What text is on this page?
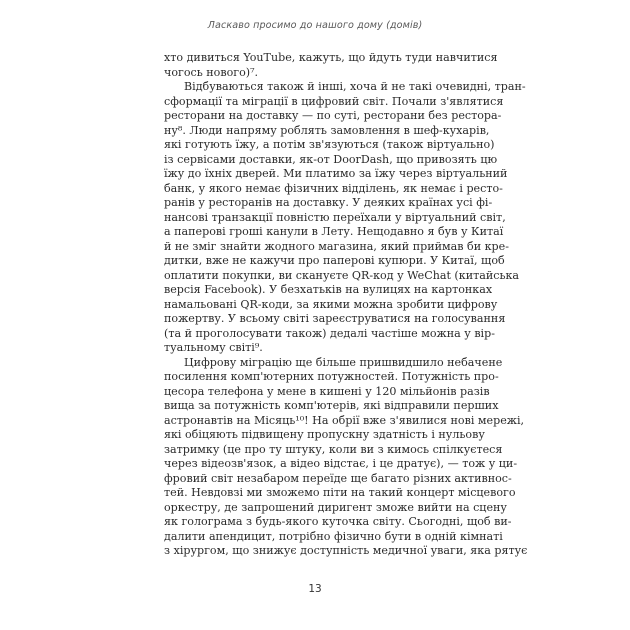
Ласкаво просимо до нашого дому (домів)
хто дивиться YouTube, кажуть, що йдуть туди навчитися
чогось нового)⁷.
Відбуваються також й інші, хоча й не такі очевидні, тран-
сформації та міграції в цифровий світ. Почали з'являтися
ресторани на доставку — по суті, ресторани без ресторa-
ну⁸. Люди напряму роблять замовлення в шеф-кухарів,
які готують їжу, а потім зв'язуються (також віртуально)
із сервісами доставки, як-от DoorDash, що привозять цю
їжу до їхніх дверей. Ми платимо за їжу через віртуальний
банк, у якого немає фізичних відділень, як немає і ресто-
ранів у ресторанів на доставку. У деяких країнах усі фі-
нансові транзакції повністю переїхали у віртуальний світ,
а паперові гроші канули в Лету. Нещодавно я був у Китаї
й не зміг знайти жодного магазина, який приймав би кре-
дитки, вже не кажучи про паперові купюри. У Китаї, щоб
оплатити покупки, ви скануєте QR-код у WeChat (китайська
версія Facebook). У безхатьків на вулицях на картонках
намальовані QR-коди, за якими можна зробити цифрову
пожертву. У всьому світі зареєструватися на голосування
(та й проголосувати також) дедалі частіше можна у вір-
туальному світі⁹.
Цифрову міграцію ще більше пришвидшило небачене
посилення комп'ютерних потужностей. Потужність про-
цесора телефона у мене в кишені у 120 мільйонів разів
вища за потужність комп'ютерів, які відправили перших
астронавтів на Місяць¹⁰! На обрії вже з'явилися нові мережі,
які обіцяють підвищену пропускну здатність і нульову
затримку (це про ту штуку, коли ви з кимось спілкуєтеся
через відеозв'язок, а відео відстає, і це дратує), — тож у ци-
фровий світ незабаром переїде ще багато різних активнос-
тей. Невдовзі ми зможемо піти на такий концерт місцевого
оркестру, де запрошений диригент зможе вийти на сцену
як голограма з будь-якого куточка світу. Сьогодні, щоб ви-
далити апендицит, потрібно фізично бути в одній кімнаті
з хірургом, що знижує доступність медичної уваги, яка рятує
13
